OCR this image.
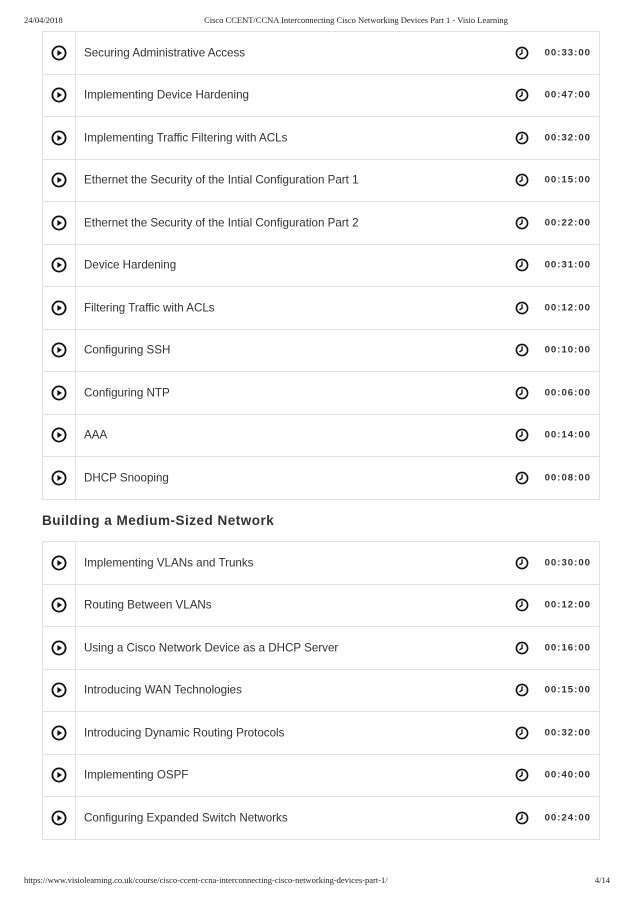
24/04/2018	Cisco CCENT/CCNA Interconnecting Cisco Networking Devices Part 1 - Visio Learning
Securing Administrative Access	00:33:00
Implementing Device Hardening	00:47:00
Implementing Traffic Filtering with ACLs	00:32:00
Ethernet the Security of the Intial Configuration Part 1	00:15:00
Ethernet the Security of the Intial Configuration Part 2	00:22:00
Device Hardening	00:31:00
Filtering Traffic with ACLs	00:12:00
Configuring SSH	00:10:00
Configuring NTP	00:06:00
AAA	00:14:00
DHCP Snooping	00:08:00
Building a Medium-Sized Network
Implementing VLANs and Trunks	00:30:00
Routing Between VLANs	00:12:00
Using a Cisco Network Device as a DHCP Server	00:16:00
Introducing WAN Technologies	00:15:00
Introducing Dynamic Routing Protocols	00:32:00
Implementing OSPF	00:40:00
Configuring Expanded Switch Networks	00:24:00
https://www.visiolearning.co.uk/course/cisco-ccent-ccna-interconnecting-cisco-networking-devices-part-1/	4/14
